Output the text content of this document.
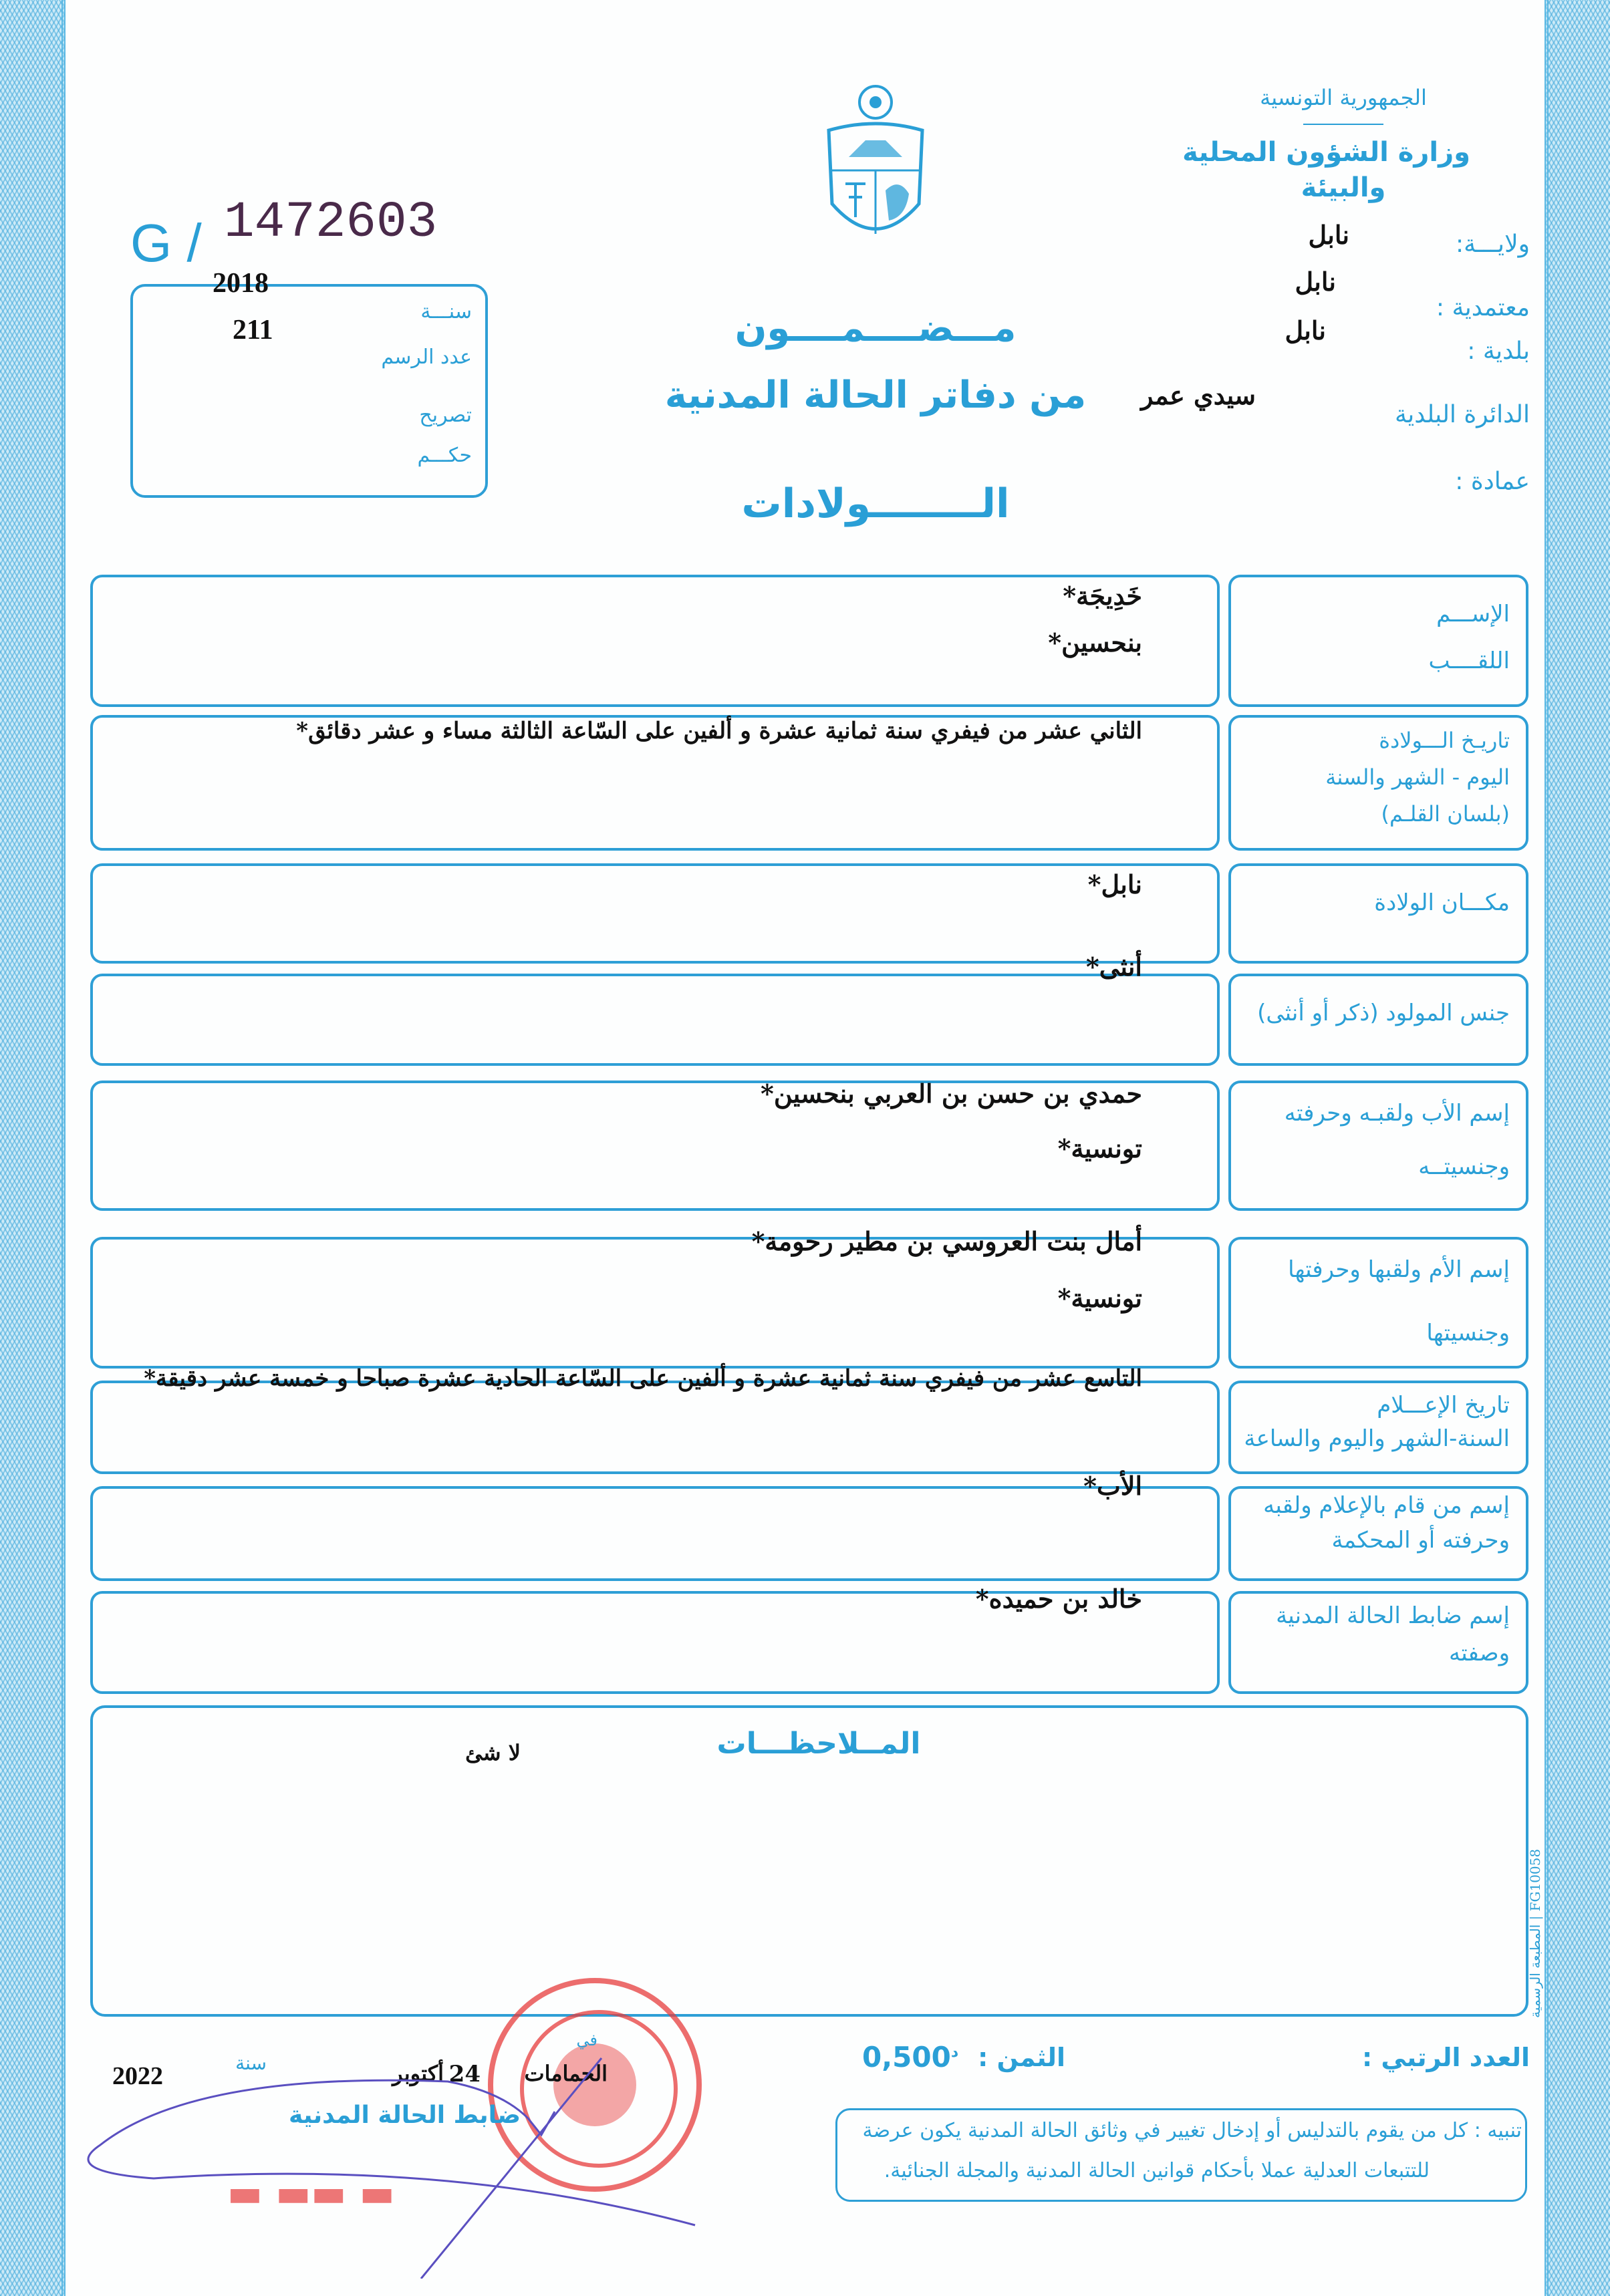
الجمهورية التونسية
وزارة الشؤون المحلية
والبيئة
ولايـــة:
نابل
معتمدية :
نابل
بلدية :
نابل
الدائرة البلدية
سيدي عمر
عمادة :
G / 1472603
2018
211
سنـــة
عدد الرسم
تصريح
حكـــم
مـــضــــمــــون
من دفاتر الحالة المدنية
الــــــــولادات
الإســـم
اللقــــب
خَدِيجَة*
بنحسين*
تاريـخ الـــولادة
اليوم - الشهر والسنة
(بلسان القلـم)
الثاني عشر من فيفري سنة ثمانية عشرة و ألفين على السّاعة الثالثة مساء و عشر دقائق*
مكـــان الولادة
نابل*
جنس المولود (ذكر أو أنثى)
أنثى*
إسم الأب ولقبـه وحرفته
وجنسيتــه
حمدي بن حسن بن العربي بنحسين*
تونسية*
إسم الأم ولقبها وحرفتها
وجنسيتها
أمال بنت العروسي بن مطير رحومة*
تونسية*
تاريخ الإعـــلام
السنة-الشهر واليوم والساعة
التاسع عشر من فيفري سنة ثمانية عشرة و ألفين على السّاعة الحادية عشرة صباحا و خمسة عشر دقيقة*
إسم من قام بالإعلام ولقبه
وحرفته أو المحكمة
الأب*
إسم ضابط الحالة المدنية
وصفته
خالد بن حميده*
المــلاحظـــات
لا شئ
المطبعة الرسمية | FG10058
العدد الرتبي :
الثمن :
$0,500^د$
تنبيه : كل من يقوم بالتدليس أو إدخال تغيير في وثائق الحالة المدنية يكون عرضة
للتتبعات العدلية عملا بأحكام قوانين الحالة المدنية والمجلة الجنائية.
الحمامات
في
24
أكتوبر
سنة
2022
ضابط الحالة المدنية
▬ ▬▬ ▬
